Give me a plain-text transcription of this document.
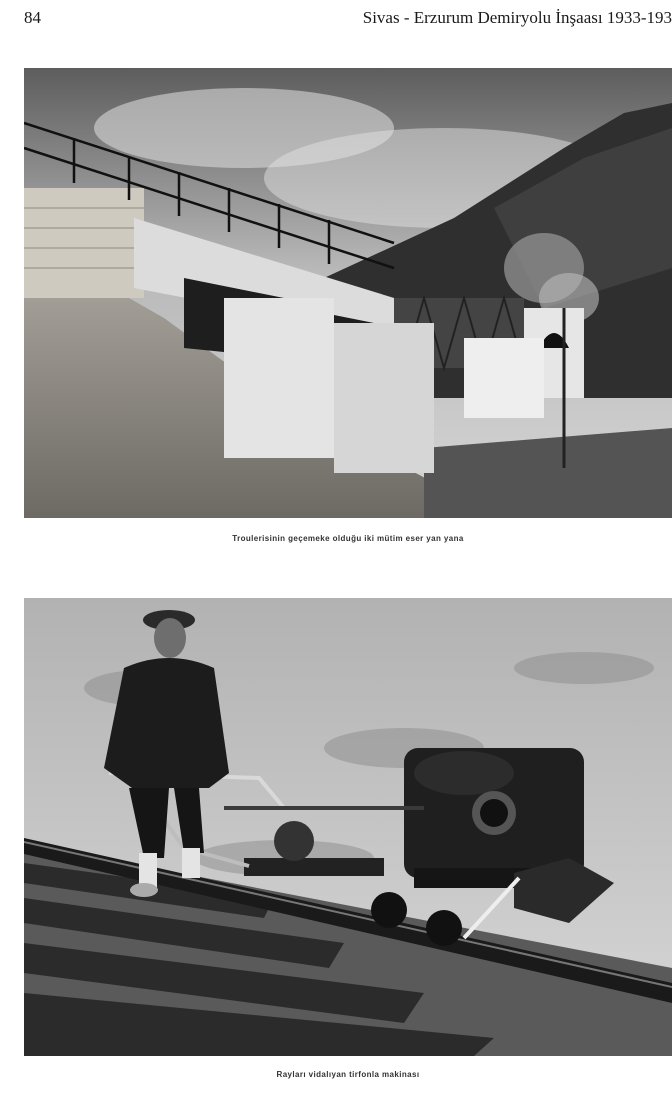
84	Sivas - Erzurum Demiryolu İnşaası 1933-193
Troulerisinin geçemeke olduğu iki mütim eser yan yana
Rayları vidalıyan tirfonla makinası
